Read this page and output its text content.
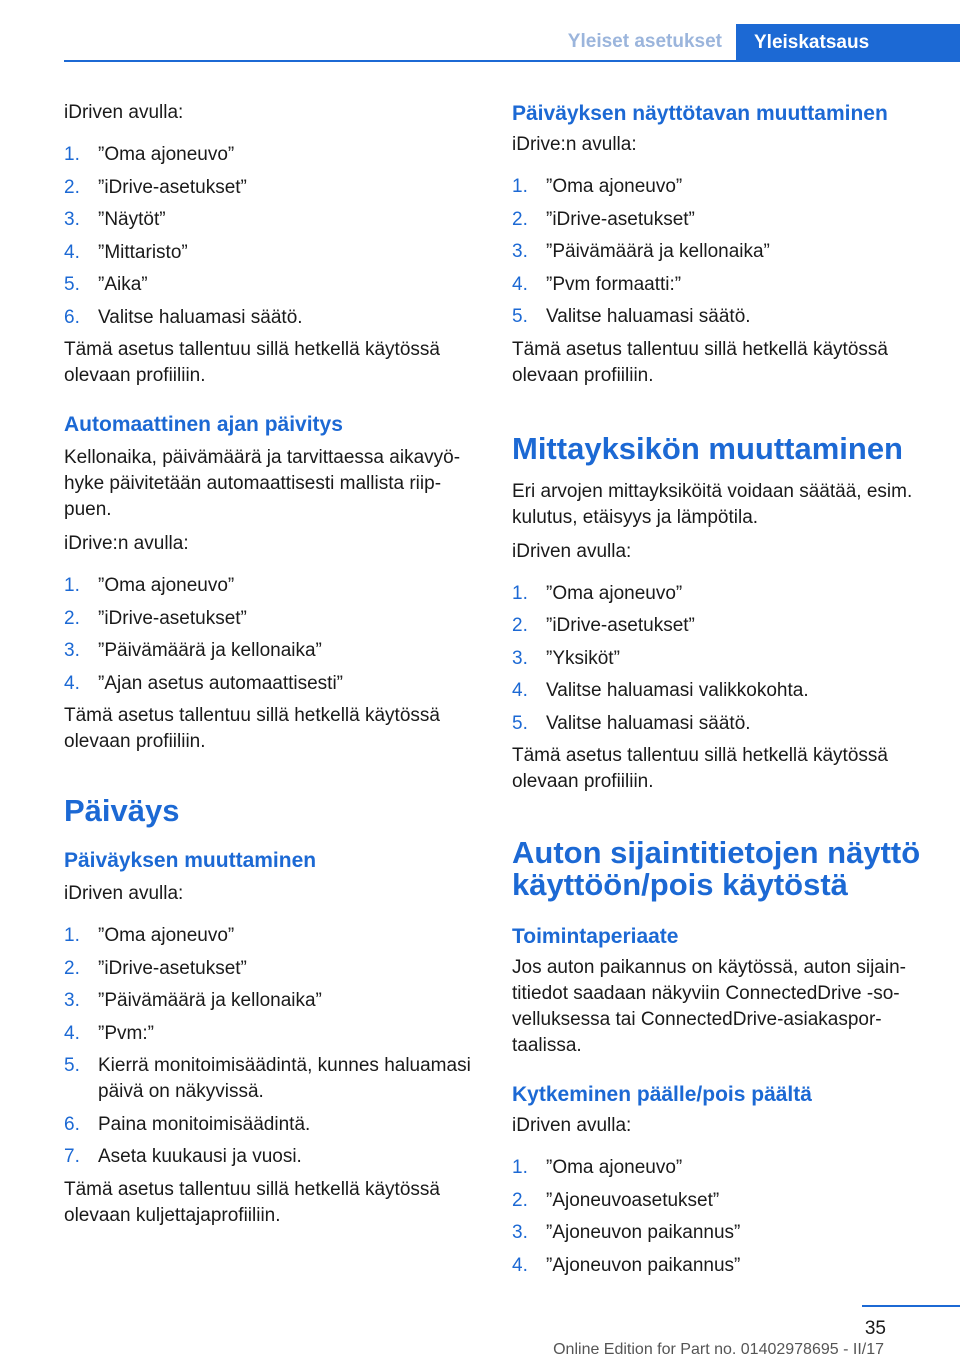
Yleiset asetukset	Yleiskatsaus

iDriven avulla:

1. ”Oma ajoneuvo”
2. ”iDrive-asetukset”
3. ”Näytöt”
4. ”Mittaristo”
5. ”Aika”
6. Valitse haluamasi säätö.

Tämä asetus tallentuu sillä hetkellä käytössä olevaan profiiliin.

Automaattinen ajan päivitys

Kellonaika, päivämäärä ja tarvittaessa aikavyöhyke päivitetään automaattisesti mallista riippuen.

iDrive:n avulla:

1. ”Oma ajoneuvo”
2. ”iDrive-asetukset”
3. ”Päivämäärä ja kellonaika”
4. ”Ajan asetus automaattisesti”

Tämä asetus tallentuu sillä hetkellä käytössä olevaan profiiliin.

Päiväys
Päiväyksen muuttaminen

iDriven avulla:

1. ”Oma ajoneuvo”
2. ”iDrive-asetukset”
3. ”Päivämäärä ja kellonaika”
4. ”Pvm:”
5. Kierrä monitoimisäädintä, kunnes haluamasi päivä on näkyvissä.
6. Paina monitoimisäädintä.
7. Aseta kuukausi ja vuosi.

Tämä asetus tallentuu sillä hetkellä käytössä olevaan kuljettajaprofiiliin.

Päiväyksen näyttötavan muuttaminen

iDrive:n avulla:

1. ”Oma ajoneuvo”
2. ”iDrive-asetukset”
3. ”Päivämäärä ja kellonaika”
4. ”Pvm formaatti:”
5. Valitse haluamasi säätö.

Tämä asetus tallentuu sillä hetkellä käytössä olevaan profiiliin.

Mittayksikön muuttaminen

Eri arvojen mittayksiköitä voidaan säätää, esim. kulutus, etäisyys ja lämpötila.

iDriven avulla:

1. ”Oma ajoneuvo”
2. ”iDrive-asetukset”
3. ”Yksiköt”
4. Valitse haluamasi valikkokohta.
5. Valitse haluamasi säätö.

Tämä asetus tallentuu sillä hetkellä käytössä olevaan profiiliin.

Auton sijaintitietojen näyttö käyttöön/pois käytöstä
Toimintaperiaate

Jos auton paikannus on käytössä, auton sijaintitiedot saadaan näkyviin ConnectedDrive -sovelluksessa tai ConnectedDrive-asiakasportaalissa.

Kytkeminen päälle/pois päältä

iDriven avulla:

1. ”Oma ajoneuvo”
2. ”Ajoneuvoasetukset”
3. ”Ajoneuvon paikannus”
4. ”Ajoneuvon paikannus”
35
Online Edition for Part no. 01402978695 - II/17
